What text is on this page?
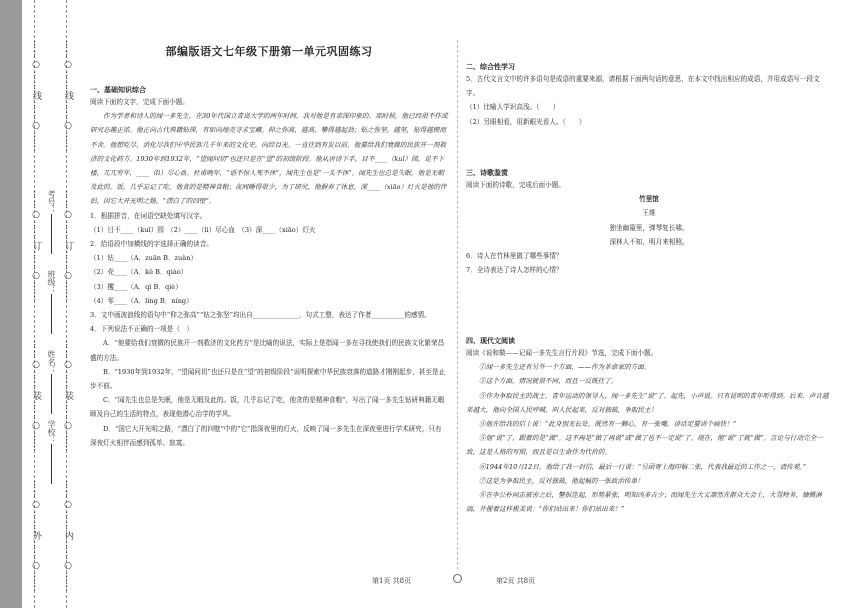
……○……线……○……
……○……订……○……
……○……装……○……
……○……外……○……
……○……线……○……
……○……订……○……
……○……装……○……
……○……内……○……
考号：
班级：
姓名：
学校：
部编版语文七年级下册第一单元巩固练习

一、基础知识综合

阅读下面的文字，完成下面小题。

作为学者和诗人的闻一多先生，在30年代国立青岛大学的两年时间，我对他是有亲深印象的。那时候，他已经很不作或研究态趣正浓。他正向古代典籍钻探，有如向地壳寻求宝藏。仰之弥高，越高，攀得越起劲；钻之弥坚，越坚，钻得越锲而不舍。他想吃尽，消化尽我们中华民族几千年来的文化史，向综目光。一直往到有发以前，他要给我们衰微的民族开一剂救济的文化药方。1930年到1932年，“望闻问切”也还只是在“望”的初级阶段。他从唐诗下手，目不____（kuī）园，足不下楼，兀兀穷年，____（lì）尽心血。杜甫晚年，“语不惊人死不休”，闻先生也是“一头不休”。闻先生也总是失眠，他是无暇及此的。饭，几乎忘记了吃，他贪的是精神食粮；夜间睡得很少，为了研究，他摒弃了休息。深____（xiāo）灯火是他的伴侣，因它大开光明之路，“漂白了的四壁”。

1．根据拼音，在词语空缺处填写汉字。

（1）目不____（kuī）园　（2）____（lì）尽心血　（3）深____（xiāo）灯火

2．给语段中加横线的字选择正确的读音。

（1）钻____（A．zuān B．zuàn）

（2）壳____（A．kě B．qiào）

（3）攫____（A．qì B．qiè）

（4）零____（A．líng B．níng）

3．文中画波浪线的语句中“仰之弥高”“钻之弥坚”均出自______________，句式工整，表达了作者__________的感情。

4．下列说法不正确的一项是（　）

A．“他要给我们衰微的民族开一剂救济的文化药方”是比喻的说法，实际上是指闻一多在寻找使我们的民族文化繁荣昌盛的方法。

B．“1930年到1932年，“望闻问切”也还只是在“望”的初级阶段”说明探索中华民族衰落的道路才刚刚起步，甚至是止步不前。

C．“闻先生也总是失眠，他是无暇及此的。饭，几乎忘记了吃，他贪的是精神食粮”，写出了闻一多先生钻研典籍无暇顾及自己的生活的特点，表现他潜心治学的学风。

D．“国它大开光明之路，“漂白了的四壁”中的“它”指深夜里的灯火，反映了闻一多先生在深夜里进行学术研究，只有深夜灯火相伴而感到孤单、寂寞。

二、综合性学习

5．古代文言文中的许多语句是成语的重要来源，请根据下面两句话的意思，在本文中找出相应的成语，并用成语写一段文字。

（1）比喻人学识高浅。（　　）

（2）另眼相看，用新眼光看人。（　　）

三、诗歌鉴赏

阅读下面的诗歌，完成后面小题。

竹里馆

王维

独坐幽篁里，弹琴复长啸。

深林人不知，明月来相照。

6．诗人在竹林里做了哪些事情？

7．全诗表达了诗人怎样的心情？

四、现代文阅读

阅读《说和做——记闻一多先生言行片段》节选，完成下面小题。

①闻一多先生还有另外一个方面，——作为革命家的方面。

②这个方面，情况就很不同，而且一反既往了。

③作为争取民主的战士，青年运动的领导人，闻一多先生“说”了。起先，小声说。只有昆明的青年听得到。后来，声音越来越大，他向全国人民呼喊，叫人民起来，反对独裁，争取民主！

④他在给我的信上说：“此身别无长处，既然有一颗心，有一张嘴，讲话定要讲个痛快！”

⑤他“说”了，跟着的是“做”。这不再是“做了再说”或“做了也不一定说”了。现在，他“说”了就“做”。言论与行动完全一致，这是人格的写照，而且是以生命作为代价的。

⑥1944年10月12日，他给了我一封信，最后一行说：“另函寄上海印稿二张，代表我最近的工作之一，请传观。”

⑦这是为争取民主，反对独裁，他起稿的一张政治传单！

⑧在李公朴同志被害之后，警报连起，形势紧张，明知凶多吉少；而闻先生大义凛然在群众大会上，大骂特务，慷慨淋漓，并握着这样极美说：“你们站出来！你们站出来！”

第1页 共8页	第2页 共8页
